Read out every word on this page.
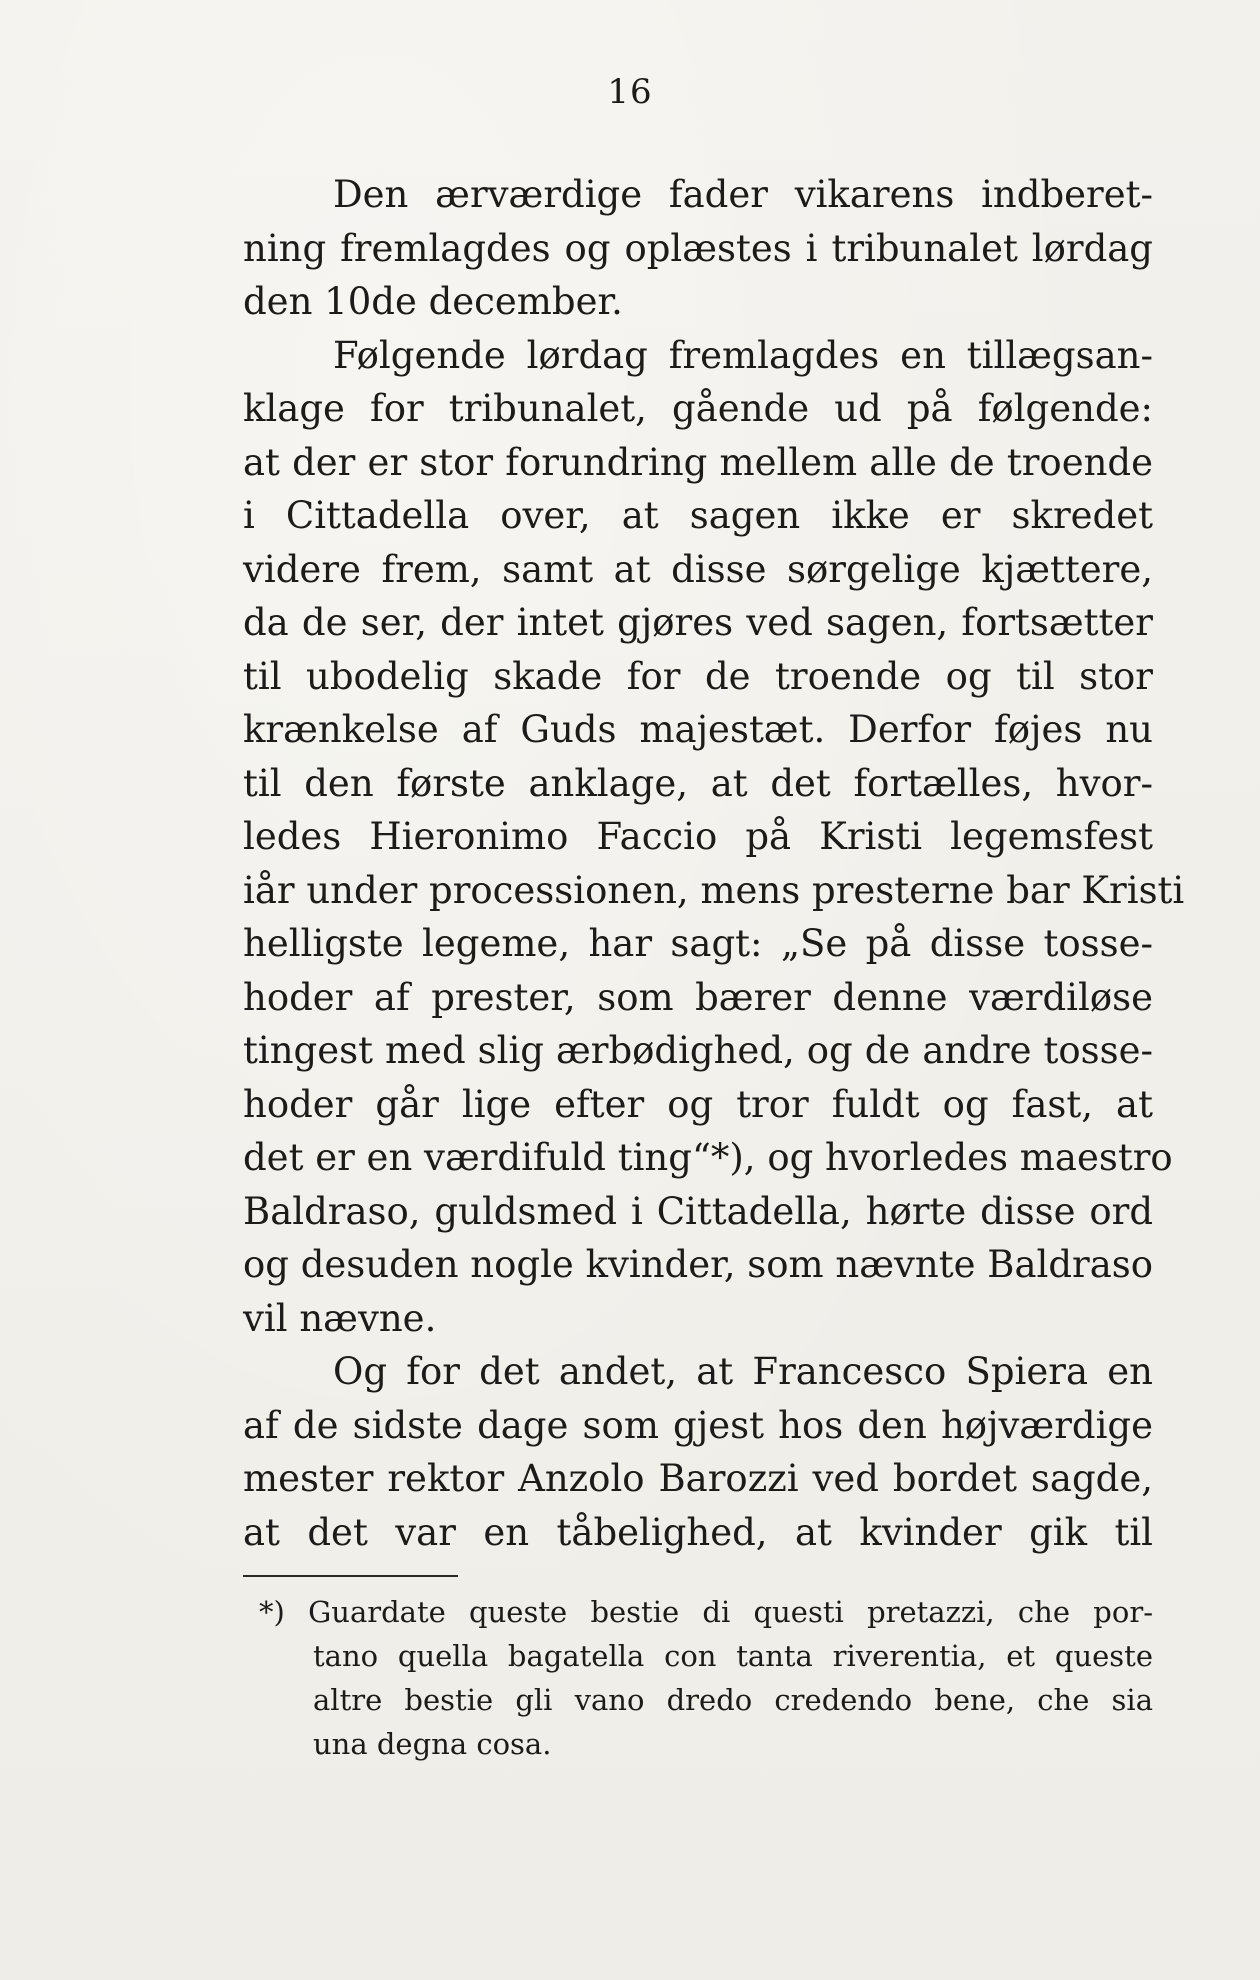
16
Den ærværdige fader vikarens indberet-
ning fremlagdes og oplæstes i tribunalet lørdag
den 10de december.
Følgende lørdag fremlagdes en tillægsan-
klage for tribunalet, gående ud på følgende:
at der er stor forundring mellem alle de troende
i Cittadella over, at sagen ikke er skredet
videre frem, samt at disse sørgelige kjættere,
da de ser, der intet gjøres ved sagen, fortsætter
til ubodelig skade for de troende og til stor
krænkelse af Guds majestæt. Derfor føjes nu
til den første anklage, at det fortælles, hvor-
ledes Hieronimo Faccio på Kristi legemsfest
iår under processionen, mens presterne bar Kristi
helligste legeme, har sagt: „Se på disse tosse-
hoder af prester, som bærer denne værdiløse
tingest med slig ærbødighed, og de andre tosse-
hoder går lige efter og tror fuldt og fast, at
det er en værdifuld ting“*), og hvorledes maestro
Baldraso, guldsmed i Cittadella, hørte disse ord
og desuden nogle kvinder, som nævnte Baldraso
vil nævne.
Og for det andet, at Francesco Spiera en
af de sidste dage som gjest hos den højværdige
mester rektor Anzolo Barozzi ved bordet sagde,
at det var en tåbelighed, at kvinder gik til
*) Guardate queste bestie di questi pretazzi, che por-
tano quella bagatella con tanta riverentia, et queste
altre bestie gli vano dredo credendo bene, che sia
una degna cosa.
